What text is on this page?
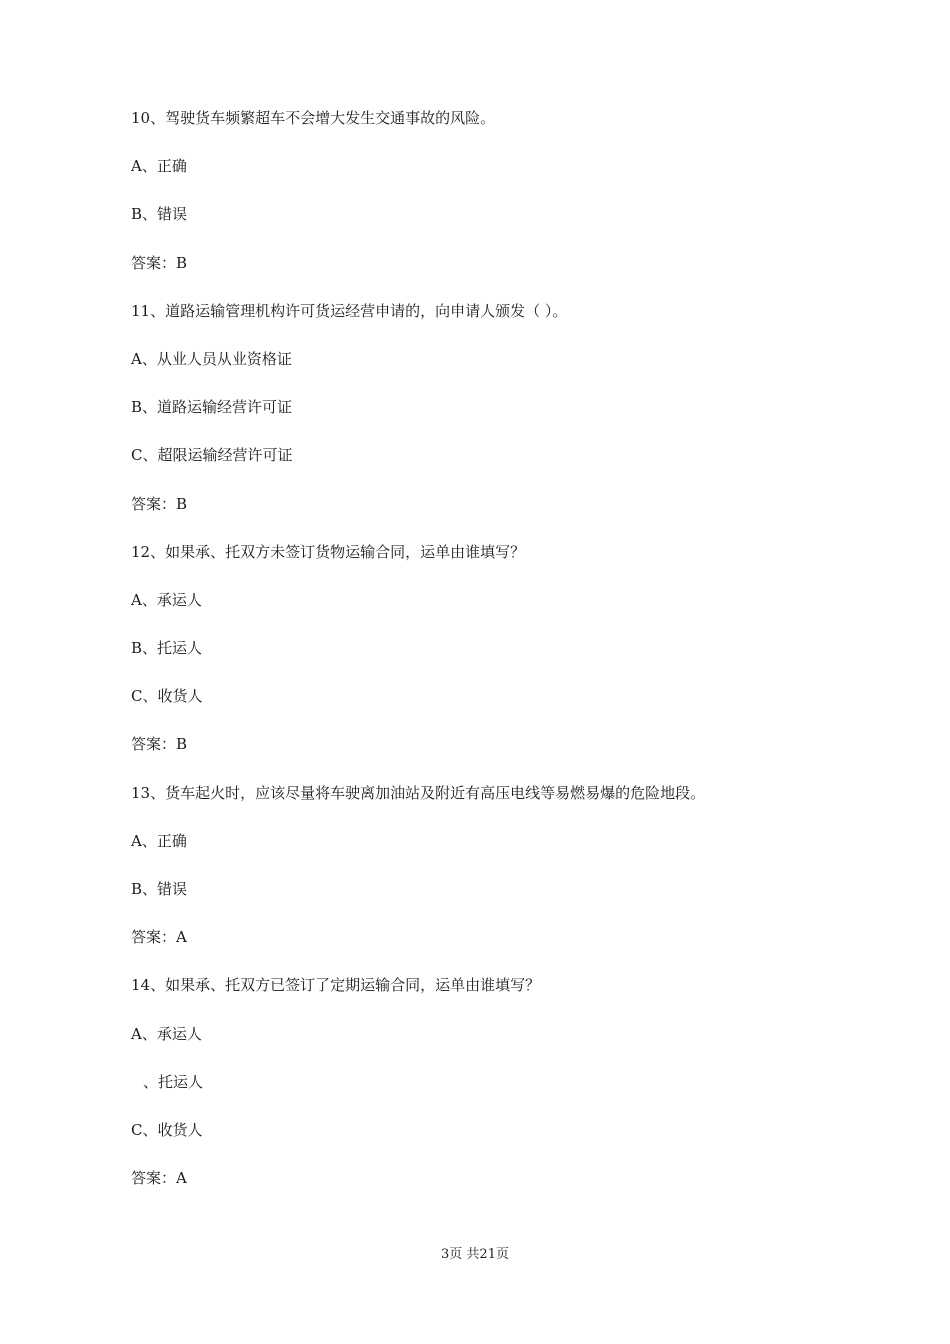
10、驾驶货车频繁超车不会增大发生交通事故的风险。
A、正确
B、错误
答案：B
11、道路运输管理机构许可货运经营申请的，向申请人颁发（ ）。
A、从业人员从业资格证
B、道路运输经营许可证
C、超限运输经营许可证
答案：B
12、如果承、托双方未签订货物运输合同，运单由谁填写？
A、承运人
B、托运人
C、收货人
答案：B
13、货车起火时，应该尽量将车驶离加油站及附近有高压电线等易燃易爆的危险地段。
A、正确
B、错误
答案：A
14、如果承、托双方已签订了定期运输合同，运单由谁填写？
A、承运人
、托运人
C、收货人
答案：A
3页 共21页
